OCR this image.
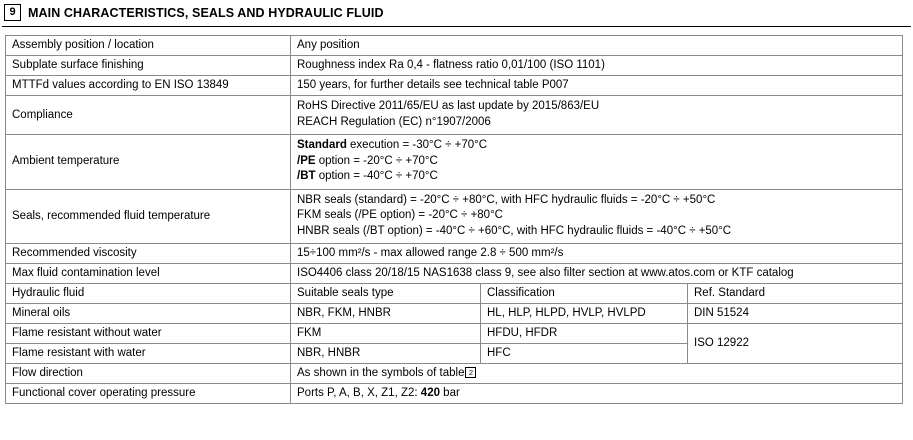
9 MAIN CHARACTERISTICS, SEALS AND HYDRAULIC FLUID
Assembly position / location	Any position		
Subplate surface finishing	Roughness index Ra 0,4 - flatness ratio 0,01/100 (ISO 1101)		
MTTFd values according to EN ISO 13849	150 years, for further details see technical table P007		
Compliance	RoHS Directive 2011/65/EU as last update by 2015/863/EU
REACH Regulation (EC) n°1907/2006		

Ambient temperature	Standard execution = -30°C ÷ +70°C
/PE option = -20°C ÷ +70°C
/BT option = -40°C ÷ +70°C		

Seals, recommended fluid temperature	NBR seals (standard) = -20°C ÷ +80°C, with HFC hydraulic fluids = -20°C ÷ +50°C
FKM seals (/PE option) = -20°C ÷ +80°C
HNBR seals (/BT option) = -40°C ÷ +60°C, with HFC hydraulic fluids = -40°C ÷ +50°C		

Recommended viscosity	15÷100 mm²/s - max allowed range 2.8 ÷ 500 mm²/s		
Max fluid contamination level	ISO4406 class 20/18/15 NAS1638 class 9, see also filter section at www.atos.com or KTF catalog		
Hydraulic fluid	Suitable seals type	Classification	Ref. Standard
Mineral oils	NBR, FKM, HNBR	HL, HLP, HLPD, HVLP, HVLPD	DIN 51524
Flame resistant without water	FKM	HFDU, HFDR	ISO 12922
Flame resistant with water	NBR, HNBR	HFC	
Flow direction	As shown in the symbols of table 2		
Functional cover operating pressure	Ports P, A, B, X, Z1, Z2: 420 bar		
